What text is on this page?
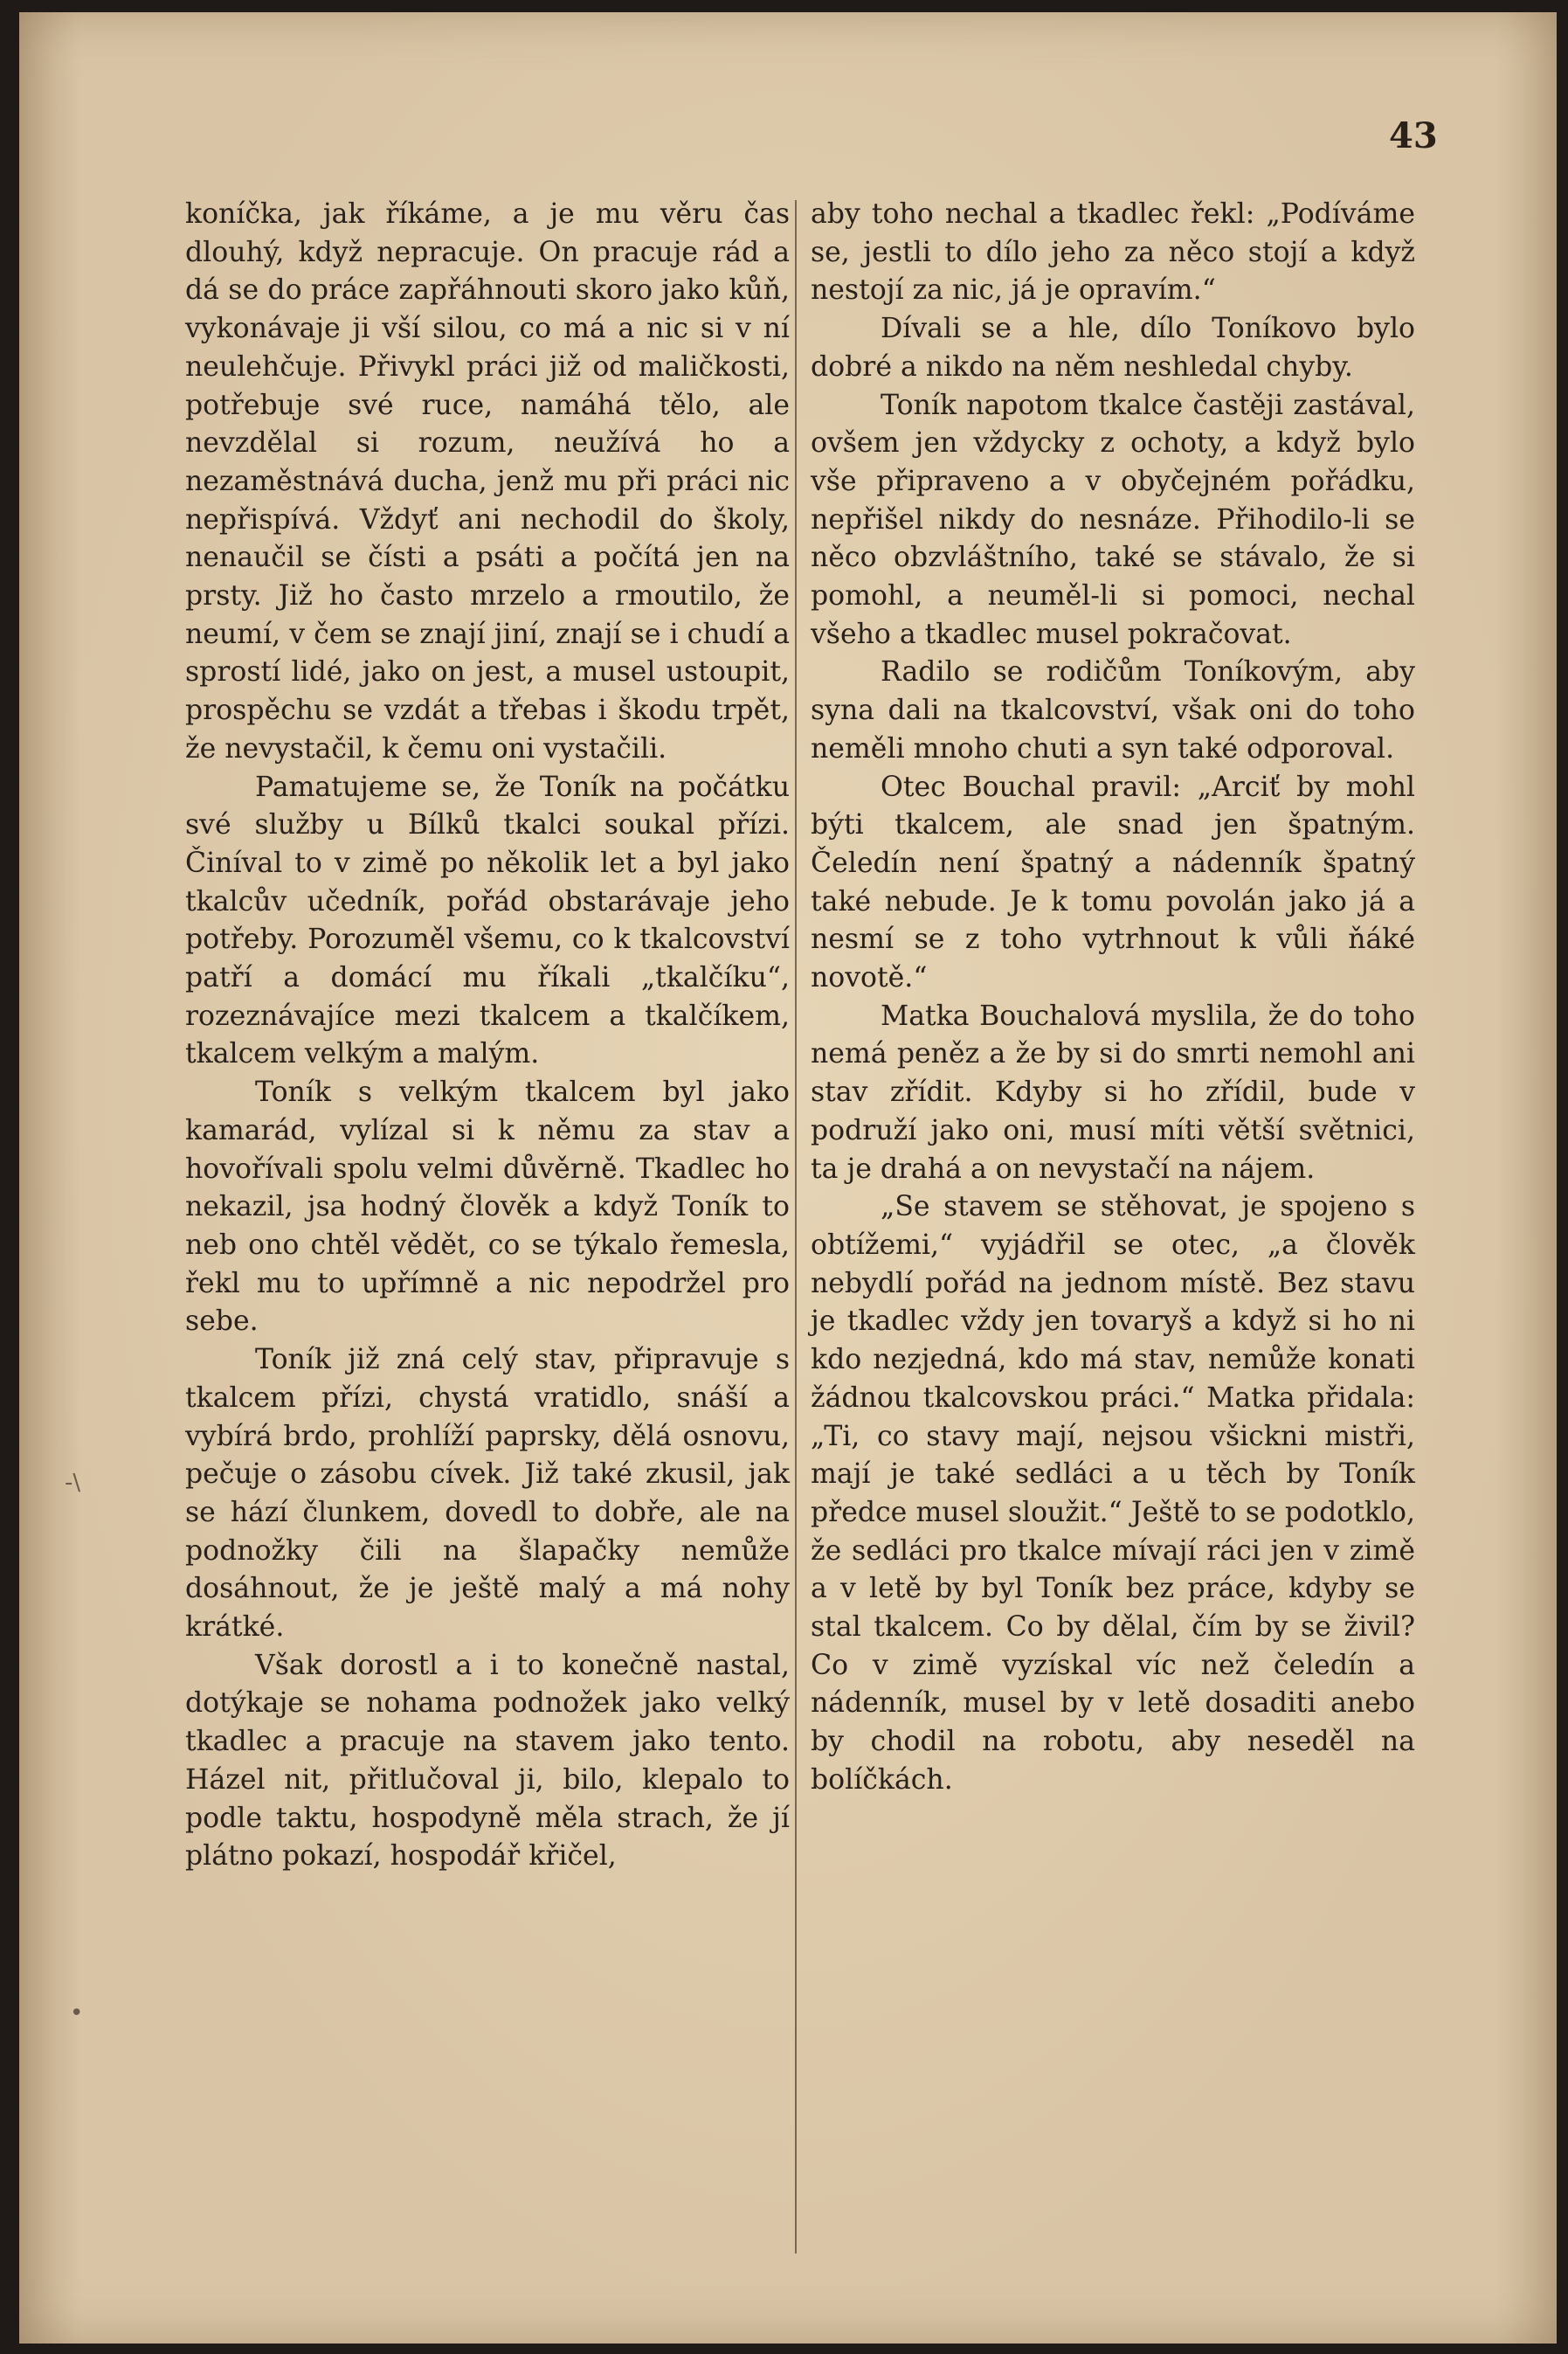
43

koníčka, jak říkáme, a je mu věru čas dlouhý, když nepracuje. On pracuje rád a dá se do práce zapřáhnouti skoro jako kůň, vykonávaje ji vší silou, co má a nic si v ní neulehčuje. Přivykl práci již od maličkosti, potřebuje své ruce, namáhá tělo, ale nevzdělal si rozum, neužívá ho a nezaměstnává ducha, jenž mu při práci nic nepřispívá. Vždyť ani nechodil do školy, nenaučil se čísti a psáti a počítá jen na prsty. Již ho často mrzelo a rmoutilo, že neumí, v čem se znají jiní, znají se i chudí a sprostí lidé, jako on jest, a musel ustoupit, prospěchu se vzdát a třebas i škodu trpět, že nevystačil, k čemu oni vystačili.

Pamatujeme se, že Toník na počátku své služby u Bílků tkalci soukal přízi. Činíval to v zimě po několik let a byl jako tkalcův učedník, pořád obstarávaje jeho potřeby. Porozuměl všemu, co k tkalcovství patří a domácí mu říkali „tkalčíku“, rozeznávajíce mezi tkalcem a tkalčíkem, tkalcem velkým a malým.

Toník s velkým tkalcem byl jako kamarád, vylízal si k němu za stav a hovořívali spolu velmi důvěrně. Tkadlec ho nekazil, jsa hodný člověk a když Toník to neb ono chtěl vědět, co se týkalo řemesla, řekl mu to upřímně a nic nepodržel pro sebe.

Toník již zná celý stav, připravuje s tkalcem přízi, chystá vratidlo, snáší a vybírá brdo, prohlíží paprsky, dělá osnovu, pečuje o zásobu cívek. Již také zkusil, jak se hází člunkem, dovedl to dobře, ale na podnožky čili na šlapačky nemůže dosáhnout, že je ještě malý a má nohy krátké.

Však dorostl a i to konečně nastal, dotýkaje se nohama podnožek jako velký tkadlec a pracuje na stavem jako tento. Házel nit, přitlučoval ji, bilo, klepalo to podle taktu, hospodyně měla strach, že jí plátno pokazí, hospodář křičel,

aby toho nechal a tkadlec řekl: „Podíváme se, jestli to dílo jeho za něco stojí a když nestojí za nic, já je opravím.“

Dívali se a hle, dílo Toníkovo bylo dobré a nikdo na něm neshledal chyby.

Toník napotom tkalce častěji zastával, ovšem jen vždycky z ochoty, a když bylo vše připraveno a v obyčejném pořádku, nepřišel nikdy do nesnáze. Přihodilo-li se něco obzvláštního, také se stávalo, že si pomohl, a neuměl-li si pomoci, nechal všeho a tkadlec musel pokračovat.

Radilo se rodičům Toníkovým, aby syna dali na tkalcovství, však oni do toho neměli mnoho chuti a syn také odporoval.

Otec Bouchal pravil: „Arciť by mohl býti tkalcem, ale snad jen špatným. Čeledín není špatný a nádenník špatný také nebude. Je k tomu povolán jako já a nesmí se z toho vytrhnout k vůli ňáké novotě.“

Matka Bouchalová myslila, že do toho nemá peněz a že by si do smrti nemohl ani stav zřídit. Kdyby si ho zřídil, bude v podruží jako oni, musí míti větší světnici, ta je drahá a on nevystačí na nájem.

„Se stavem se stěhovat, je spojeno s obtížemi,“ vyjádřil se otec, „a člověk nebydlí pořád na jednom místě. Bez stavu je tkadlec vždy jen tovaryš a když si ho ni kdo nezjedná, kdo má stav, nemůže konati žádnou tkalcovskou práci.“ Matka přidala: „Ti, co stavy mají, nejsou všickni mistři, mají je také sedláci a u těch by Toník předce musel sloužit.“ Ještě to se podotklo, že sedláci pro tkalce mívají ráci jen v zimě a v letě by byl Toník bez práce, kdyby se stal tkalcem. Co by dělal, čím by se živil? Co v zimě vyzískal víc než čeledín a nádenník, musel by v letě dosaditi anebo by chodil na robotu, aby neseděl na bolíčkách.

-\

•
